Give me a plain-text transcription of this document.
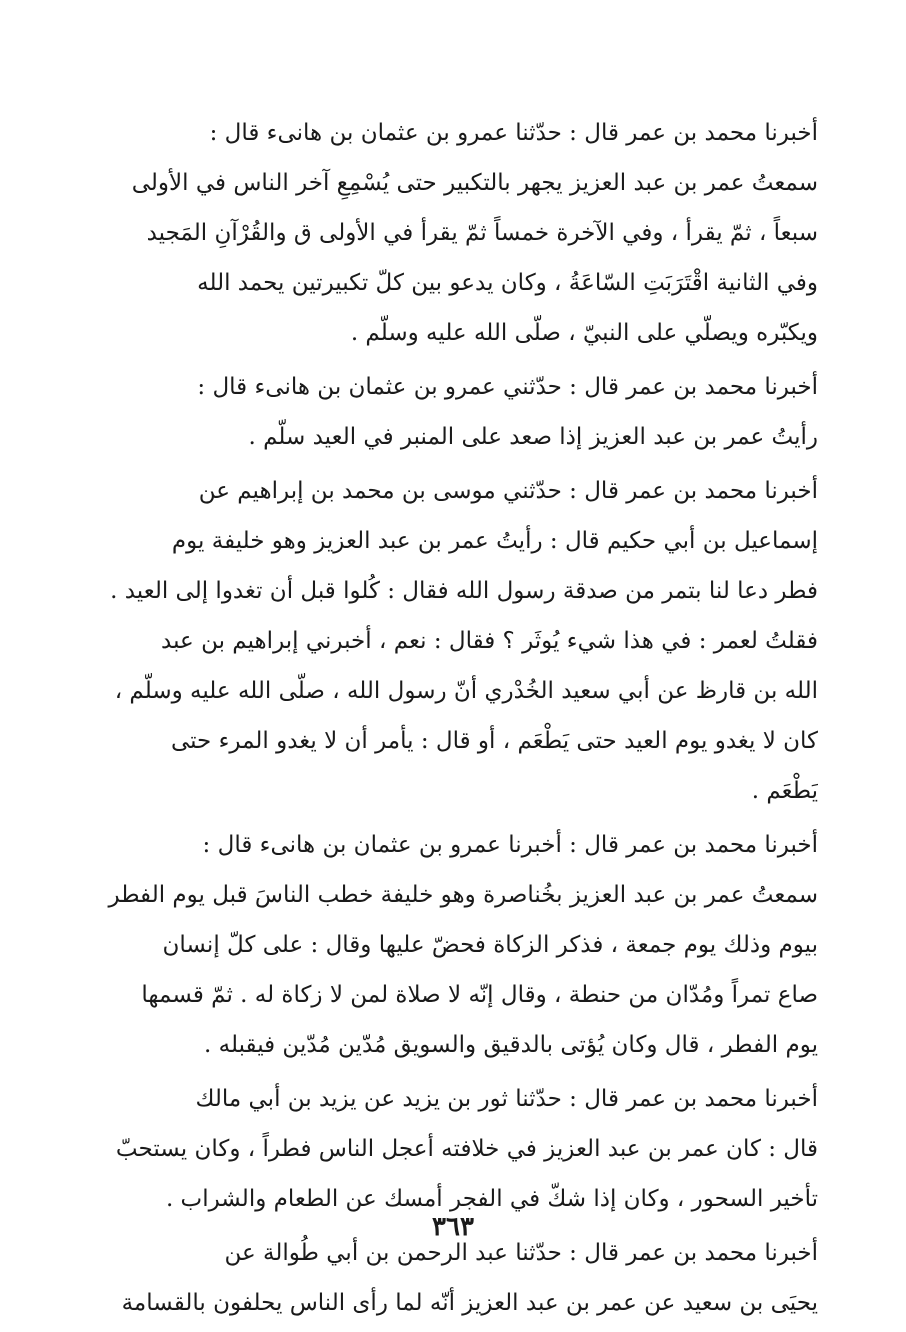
أخبرنا محمد بن عمر قال : حدّثنا عمرو بن عثمان بن هانىء قال :
سمعتُ عمر بن عبد العزيز يجهر بالتكبير حتى يُسْمِعِ آخر الناس في الأولى
سبعاً ، ثمّ يقرأ ، وفي الآخرة خمساً ثمّ يقرأ في الأولى ق والقُرْآنِ المَجيد
وفي الثانية اقْتَرَبَتِ السّاعَةُ ، وكان يدعو بين كلّ تكبيرتين يحمد الله
ويكبّره ويصلّي على النبيّ ، صلّى الله عليه وسلّم .
أخبرنا محمد بن عمر قال : حدّثني عمرو بن عثمان بن هانىء قال :
رأيتُ عمر بن عبد العزيز إذا صعد على المنبر في العيد سلّم .
أخبرنا محمد بن عمر قال : حدّثني موسى بن محمد بن إبراهيم عن
إسماعيل بن أبي حكيم قال : رأيتُ عمر بن عبد العزيز وهو خليفة يوم
فطر دعا لنا بتمر من صدقة رسول الله فقال : كُلوا قبل أن تغدوا إلى العيد .
فقلتُ لعمر : في هذا شيء يُوثَر ؟ فقال : نعم ، أخبرني إبراهيم بن عبد
الله بن قارظ عن أبي سعيد الخُدْري أنّ رسول الله ، صلّى الله عليه وسلّم ،
كان لا يغدو يوم العيد حتى يَطْعَم ، أو قال : يأمر أن لا يغدو المرء حتى
يَطْعَم .
أخبرنا محمد بن عمر قال : أخبرنا عمرو بن عثمان بن هانىء قال :
سمعتُ عمر بن عبد العزيز بخُناصرة وهو خليفة خطب الناسَ قبل يوم الفطر
بيوم وذلك يوم جمعة ، فذكر الزكاة فحضّ عليها وقال : على كلّ إنسان
صاع تمراً ومُدّان من حنطة ، وقال إنّه لا صلاة لمن لا زكاة له . ثمّ قسمها
يوم الفطر ، قال وكان يُؤتى بالدقيق والسويق مُدّين مُدّين فيقبله .
أخبرنا محمد بن عمر قال : حدّثنا ثور بن يزيد عن يزيد بن أبي مالك
قال : كان عمر بن عبد العزيز في خلافته أعجل الناس فطراً ، وكان يستحبّ
تأخير السحور ، وكان إذا شكّ في الفجر أمسك عن الطعام والشراب .
أخبرنا محمد بن عمر قال : حدّثنا عبد الرحمن بن أبي طُوالة عن
يحيَى بن سعيد عن عمر بن عبد العزيز أنّه لما رأى الناس يحلفون بالقسامة
٣٦٣
